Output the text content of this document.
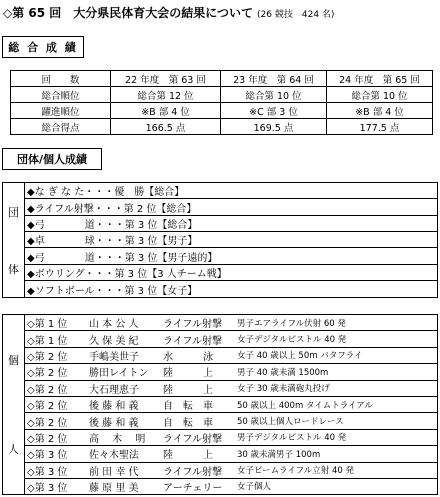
◇第 65 回　大分県民体育大会の結果について (26 競技　424 名)
総 合 成 績
回　　数	22 年度　第 63 回	23 年度　第 64 回	24 年度　第 65 回
総合順位	総合第 12 位	総合第 10 位	総合第 10 位
躍進順位	※B 部 4 位	※C 部 3 位	※B 部 4 位
総合得点	166.5 点	169.5 点	177.5 点
団体/個人成績
団
体
◆な ぎ な た・・・優　勝【総合】
◆ライフル射撃・・・第 2 位【総合】
◆弓　　　　道・・・第 3 位【総合】
◆卓　　　　球・・・第 3 位【男子】
◆弓　　　　道・・・第 3 位【男子遠的】
◆ボウリング・・・第 3 位【3 人チーム戦】
◆ソフトボール・・・第 3 位【女子】
個
人
◇第 1 位	山 本 公 人	ライフル射撃	男子エアライフル伏射 60 発
◇第 1 位	久 保 美 紀	ライフル射撃	女子デジタルピストル 40 発
◇第 2 位	手嶋美世子	水　　　泳	女子 40 歳以上 50m バタフライ
◇第 2 位	勝田レイトン	陸　　　上	男子 40 歳未満 1500m
◇第 2 位	大石理恵子	陸　　　上	女子 30 歳未満砲丸投げ
◇第 2 位	後 藤 和 義	自　転　車	50 歳以上 400m タイムトライアル
◇第 2 位	後 藤 和 義	自　転　車	50 歳以上個人ロードレース
◇第 2 位	高　 木　 明	ライフル射撃	男子デジタルピストル 40 発
◇第 3 位	佐々木聖法	陸　　　上	30 歳未満男子 100m
◇第 3 位	前 田 幸 代	ライフル射撃	女子ビームライフル立射 40 発
◇第 3 位	藤 原 里 美	アーチェリー	女子個人
